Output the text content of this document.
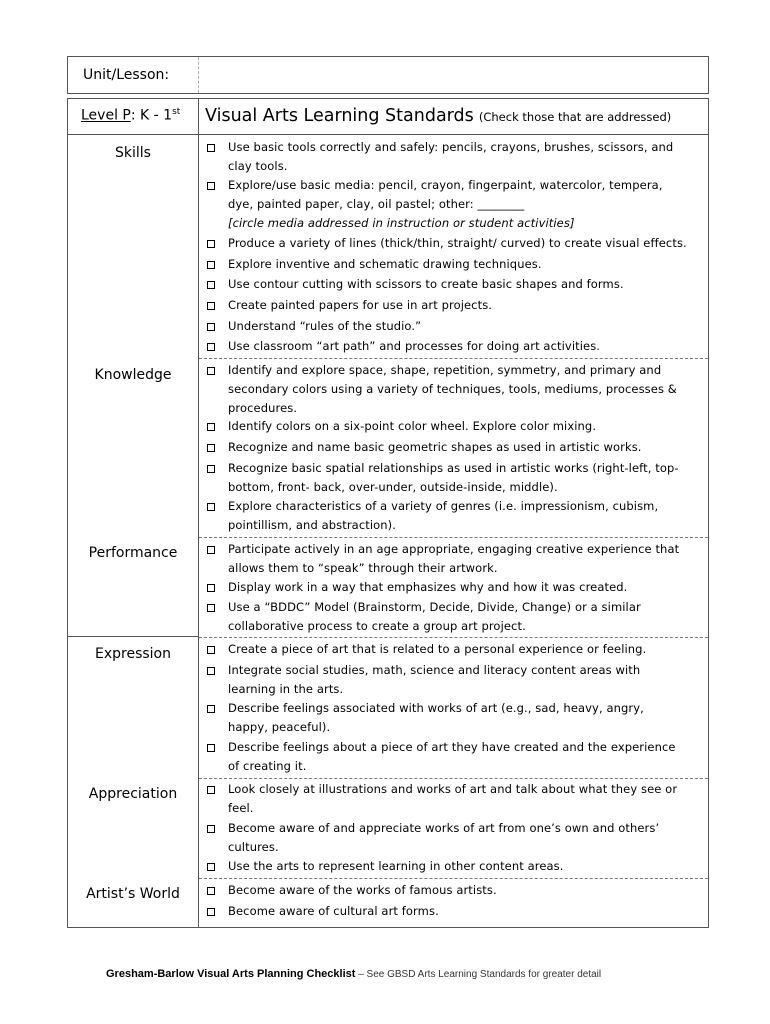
Unit/Lesson:
Level P: K - 1st Visual Arts Learning Standards (Check those that are addressed)
Skills
Knowledge
Performance
Expression
Appreciation
Artist’s World
Use basic tools correctly and safely: pencils, crayons, brushes, scissors, and clay tools.
Explore/use basic media: pencil, crayon, fingerpaint, watercolor, tempera, dye, painted paper, clay, oil pastel; other: ________
[circle media addressed in instruction or student activities]
Produce a variety of lines (thick/thin, straight/ curved) to create visual effects.
Explore inventive and schematic drawing techniques.
Use contour cutting with scissors to create basic shapes and forms.
Create painted papers for use in art projects.
Understand “rules of the studio.”
Use classroom “art path” and processes for doing art activities.
Identify and explore space, shape, repetition, symmetry, and primary and secondary colors using a variety of techniques, tools, mediums, processes & procedures.
Identify colors on a six-point color wheel. Explore color mixing.
Recognize and name basic geometric shapes as used in artistic works.
Recognize basic spatial relationships as used in artistic works (right-left, top-bottom, front- back, over-under, outside-inside, middle).
Explore characteristics of a variety of genres (i.e. impressionism, cubism, pointillism, and abstraction).
Participate actively in an age appropriate, engaging creative experience that allows them to “speak” through their artwork.
Display work in a way that emphasizes why and how it was created.
Use a “BDDC” Model (Brainstorm, Decide, Divide, Change) or a similar collaborative process to create a group art project.
Create a piece of art that is related to a personal experience or feeling.
Integrate social studies, math, science and literacy content areas with learning in the arts.
Describe feelings associated with works of art (e.g., sad, heavy, angry, happy, peaceful).
Describe feelings about a piece of art they have created and the experience of creating it.
Look closely at illustrations and works of art and talk about what they see or feel.
Become aware of and appreciate works of art from one’s own and others’ cultures.
Use the arts to represent learning in other content areas.
Become aware of the works of famous artists.
Become aware of cultural art forms.
Gresham-Barlow Visual Arts Planning Checklist – See GBSD Arts Learning Standards for greater detail
